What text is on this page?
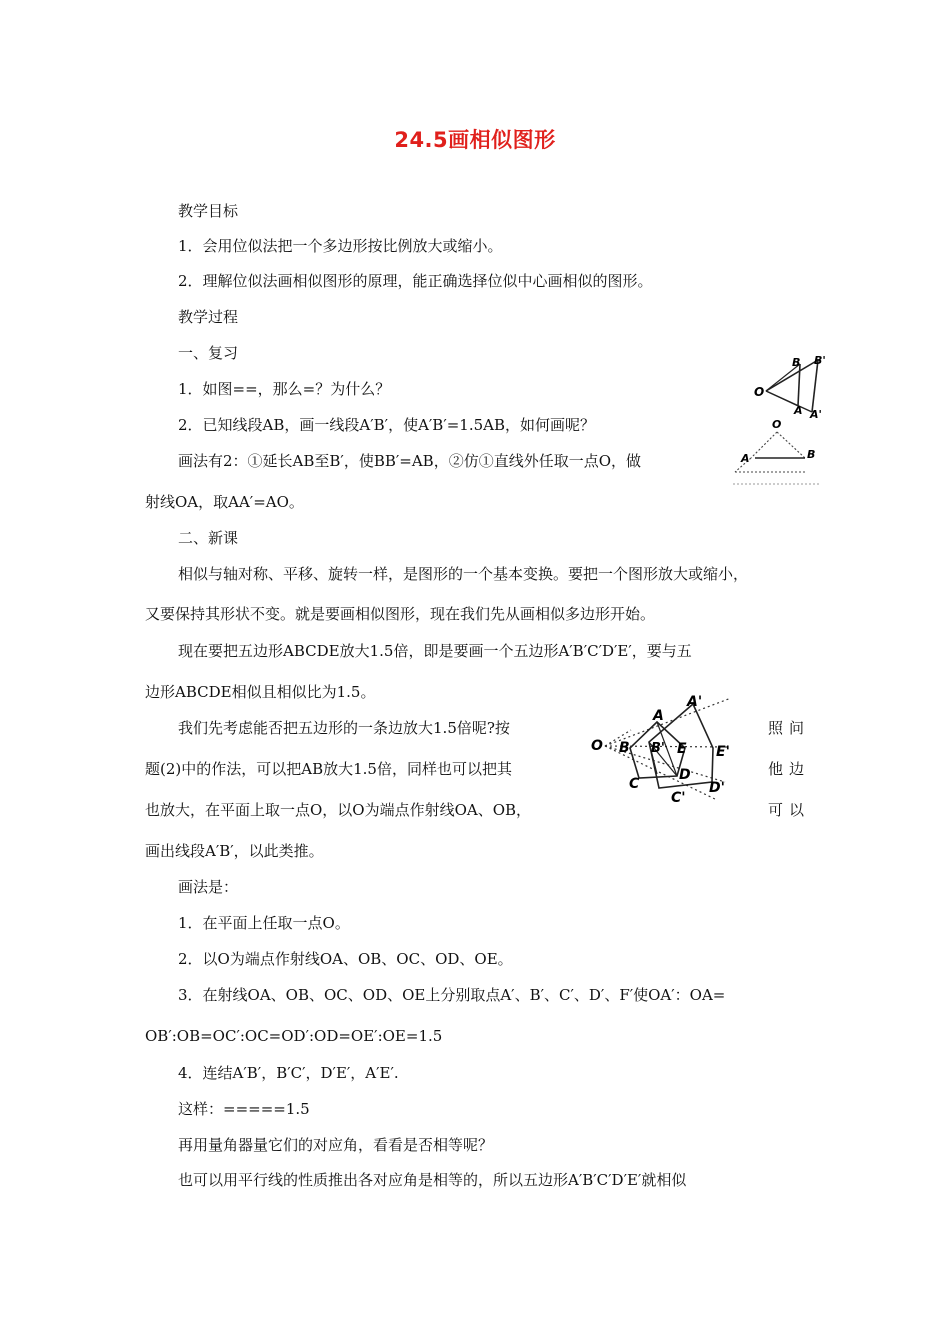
24.5画相似图形
教学目标
1．会用位似法把一个多边形按比例放大或缩小。
2．理解位似法画相似图形的原理，能正确选择位似中心画相似的图形。
教学过程
一、复习
1．如图==，那么=？为什么？
2．已知线段AB，画一线段A′B′，使A′B′=1.5AB，如何画呢？
画法有2：①延长AB至B′，使BB′=AB，②仿①直线外任取一点O，做
射线OA，取AA′=AO。
二、新课
相似与轴对称、平移、旋转一样，是图形的一个基本变换。要把一个图形放大或缩小，
又要保持其形状不变。就是要画相似图形，现在我们先从画相似多边形开始。
现在要把五边形ABCDE放大1.5倍，即是要画一个五边形A′B′C′D′E′，要与五
边形ABCDE相似且相似比为1.5。
我们先考虑能否把五边形的一条边放大1.5倍呢?按	照问
题(2)中的作法，可以把AB放大1.5倍，同样也可以把其	他边
也放大，在平面上取一点O，以O为端点作射线OA、OB，	可以
画出线段A′B′，以此类推。
画法是：
1．在平面上任取一点O。
2．以O为端点作射线OA、OB、OC、OD、OE。
3．在射线OA、OB、OC、OD、OE上分别取点A′、B′、C′、D′、F′使OA′：OA=
OB′:OB=OC′:OC=OD′:OD=OE′:OE=1.5
4．连结A′B′，B′C′，D′E′，A′E′.
这样：=====1.5
再用量角器量它们的对应角，看看是否相等呢？
也可以用平行线的性质推出各对应角是相等的，所以五边形A′B′C′D′E′就相似
O
B B'
A A'
O
A	B
O
A
A'
B B' E E'
D
D'
C
C'
